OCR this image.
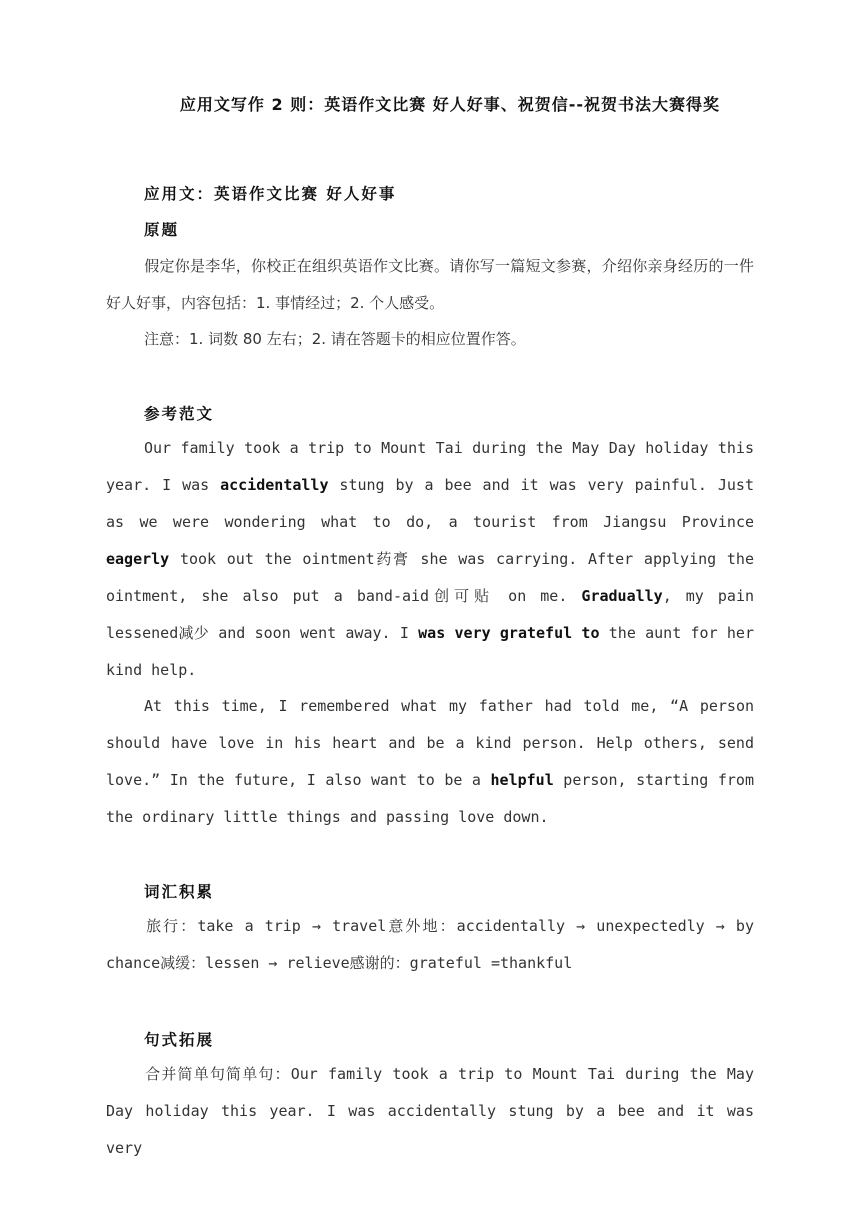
应用文写作 2 则：英语作文比赛 好人好事、祝贺信--祝贺书法大赛得奖
应用文：英语作文比赛 好人好事
原题
假定你是李华，你校正在组织英语作文比赛。请你写一篇短文参赛，介绍你亲身经历的一件好人好事，内容包括：1. 事情经过；2. 个人感受。
注意：1. 词数 80 左右；2. 请在答题卡的相应位置作答。
参考范文
Our family took a trip to Mount Tai during the May Day holiday this year. I was accidentally stung by a bee and it was very painful. Just as we were wondering what to do, a tourist from Jiangsu Province eagerly took out the ointment药膏 she was carrying. After applying the ointment, she also put a band-aid创可贴 on me. Gradually, my pain lessened减少 and soon went away. I was very grateful to the aunt for her kind help.
At this time, I remembered what my father had told me, “A person should have love in his heart and be a kind person. Help others, send love.” In the future, I also want to be a helpful person, starting from the ordinary little things and passing love down.
词汇积累
旅行：take a trip → travel意外地：accidentally → unexpectedly → by chance减缓：lessen → relieve感谢的：grateful =thankful
句式拓展
合并简单句简单句：Our family took a trip to Mount Tai during the May Day holiday this year. I was accidentally stung by a bee and it was very
